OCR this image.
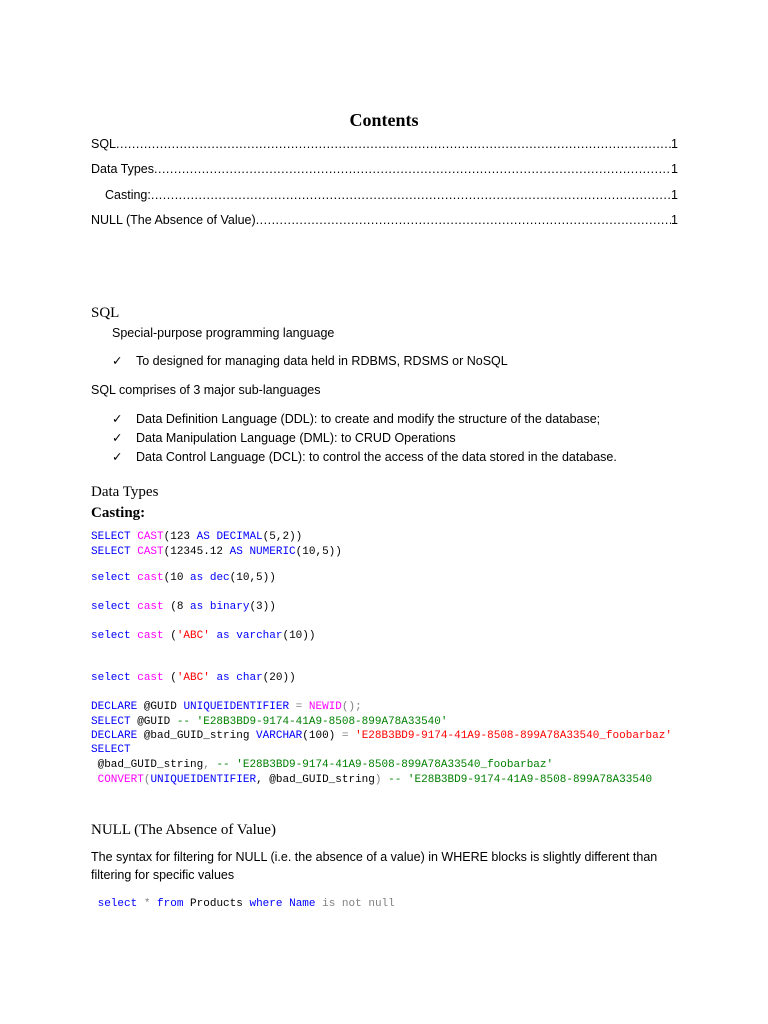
Contents
SQL .....	1
Data Types .....	1
Casting: .....	1
NULL (The Absence of Value) .....	1
SQL
Special-purpose programming language
✓ To designed for managing data held in RDBMS, RDSMS or NoSQL
SQL comprises of 3 major sub-languages
✓ Data Definition Language (DDL): to create and modify the structure of the database;
✓ Data Manipulation Language (DML): to CRUD Operations
✓ Data Control Language (DCL): to control the access of the data stored in the database.
Data Types
Casting:
SELECT CAST(123 AS DECIMAL(5,2))
SELECT CAST(12345.12 AS NUMERIC(10,5))
select cast(10 as dec(10,5))
select cast (8 as binary(3))
select cast ('ABC' as varchar(10))
select cast ('ABC' as char(20))
DECLARE @GUID UNIQUEIDENTIFIER = NEWID();
SELECT @GUID -- 'E28B3BD9-9174-41A9-8508-899A78A33540'
DECLARE @bad_GUID_string VARCHAR(100) = 'E28B3BD9-9174-41A9-8508-899A78A33540_foobarbaz'
SELECT
@bad_GUID_string, -- 'E28B3BD9-9174-41A9-8508-899A78A33540_foobarbaz'
CONVERT(UNIQUEIDENTIFIER, @bad_GUID_string) -- 'E28B3BD9-9174-41A9-8508-899A78A33540
NULL (The Absence of Value)
The syntax for filtering for NULL (i.e. the absence of a value) in WHERE blocks is slightly different than
filtering for specific values
select * from Products where Name is not null
